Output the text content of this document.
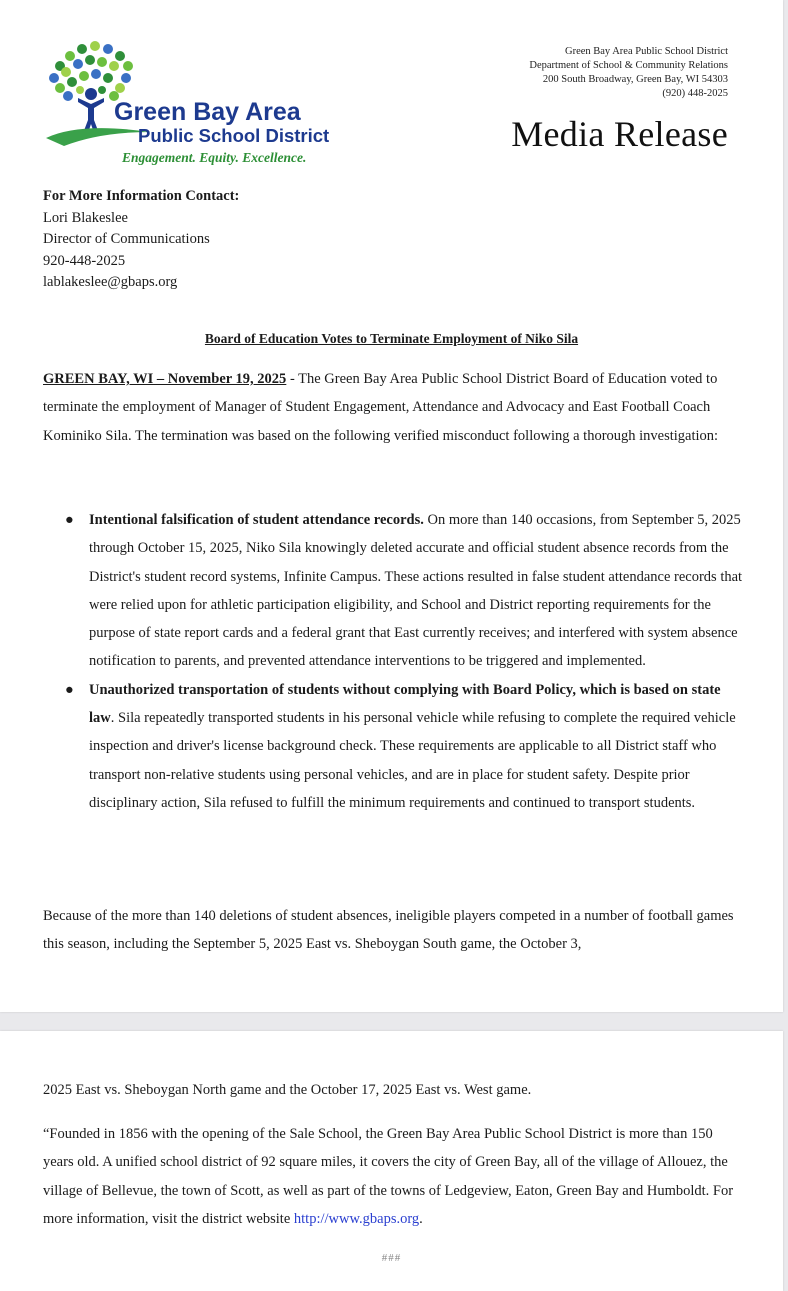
Green Bay Area
Public School District
Engagement. Equity. Excellence.
Green Bay Area Public School District
Department of School & Community Relations
200 South Broadway, Green Bay, WI 54303
(920) 448-2025
Media Release
For More Information Contact:
Lori Blakeslee
Director of Communications
920-448-2025
lablakeslee@gbaps.org
Board of Education Votes to Terminate Employment of Niko Sila
GREEN BAY, WI – November 19, 2025 - The Green Bay Area Public School District Board of Education voted to terminate the employment of Manager of Student Engagement, Attendance and Advocacy and East Football Coach Kominiko Sila. The termination was based on the following verified misconduct following a thorough investigation:
● Intentional falsification of student attendance records. On more than 140 occasions, from September 5, 2025 through October 15, 2025, Niko Sila knowingly deleted accurate and official student absence records from the District's student record systems, Infinite Campus. These actions resulted in false student attendance records that were relied upon for athletic participation eligibility, and School and District reporting requirements for the purpose of state report cards and a federal grant that East currently receives; and interfered with system absence notification to parents, and prevented attendance interventions to be triggered and implemented.
● Unauthorized transportation of students without complying with Board Policy, which is based on state law. Sila repeatedly transported students in his personal vehicle while refusing to complete the required vehicle inspection and driver's license background check. These requirements are applicable to all District staff who transport non-relative students using personal vehicles, and are in place for student safety. Despite prior disciplinary action, Sila refused to fulfill the minimum requirements and continued to transport students.
Because of the more than 140 deletions of student absences, ineligible players competed in a number of football games this season, including the September 5, 2025 East vs. Sheboygan South game, the October 3,
2025 East vs. Sheboygan North game and the October 17, 2025 East vs. West game.
“Founded in 1856 with the opening of the Sale School, the Green Bay Area Public School District is more than 150 years old. A unified school district of 92 square miles, it covers the city of Green Bay, all of the village of Allouez, the village of Bellevue, the town of Scott, as well as part of the towns of Ledgeview, Eaton, Green Bay and Humboldt. For more information, visit the district website http://www.gbaps.org.
###
